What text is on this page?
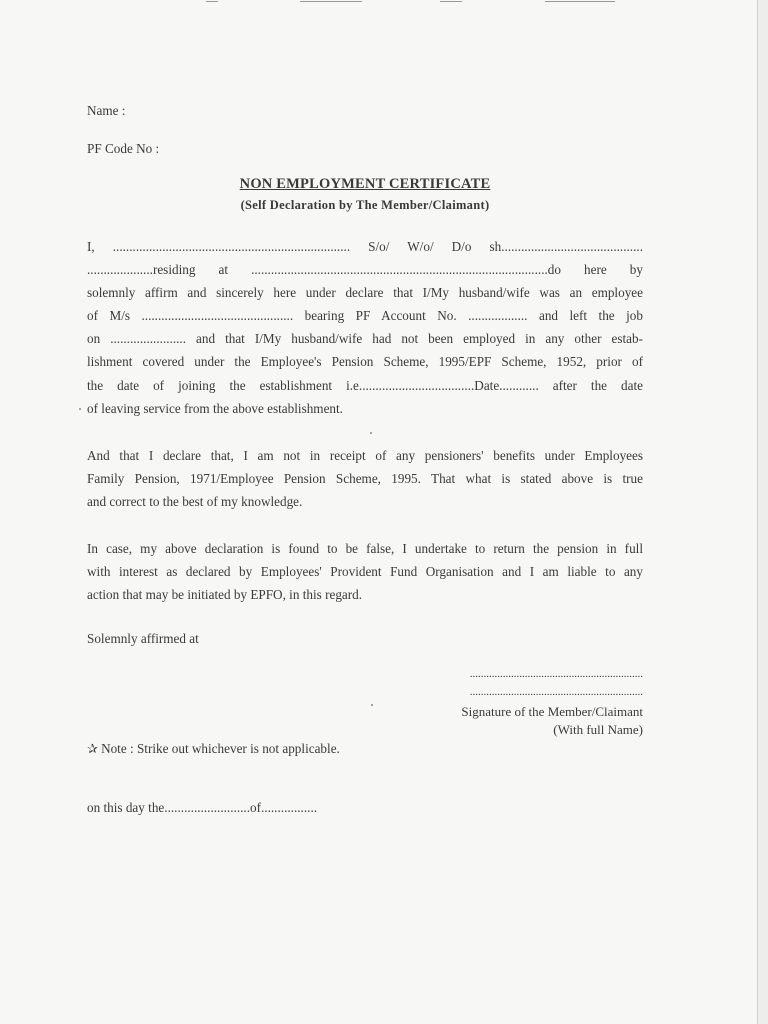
Name :
PF Code No :
NON EMPLOYMENT CERTIFICATE
(Self Declaration by The Member/Claimant)
I, ........................................................................ S/o/ W/o/ D/o sh...........................................
....................residing at ..........................................................................................do here by
solemnly affirm and sincerely here under declare that I/My husband/wife was an employee
of M/s .............................................. bearing PF Account No. .................. and left the job
on ....................... and that I/My husband/wife had not been employed in any other estab-
lishment covered under the Employee's Pension Scheme, 1995/EPF Scheme, 1952, prior of
the date of joining the establishment i.e...................................Date............ after the date
of leaving service from the above establishment.
And that I declare that, I am not in receipt of any pensioners' benefits under Employees
Family Pension, 1971/Employee Pension Scheme, 1995. That what is stated above is true
and correct to the best of my knowledge.
In case, my above declaration is found to be false, I undertake to return the pension in full
with interest as declared by Employees' Provident Fund Organisation and I am liable to any
action that may be initiated by EPFO, in this regard.
Solemnly affirmed at
...............................................................
...............................................................
Signature of the Member/Claimant
(With full Name)
✰ Note : Strike out whichever is not applicable.
on this day the..........................of.................
